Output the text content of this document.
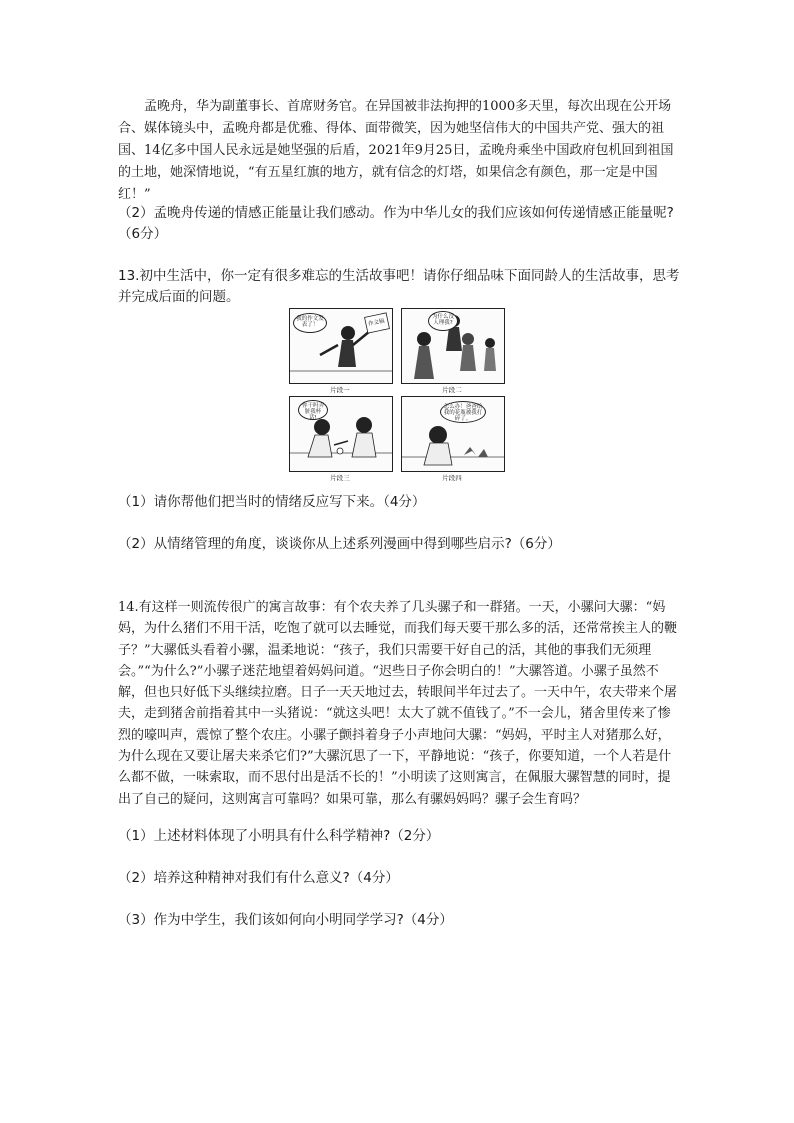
孟晚舟，华为副董事长、首席财务官。在异国被非法拘押的1000多天里，每次出现在公开场合、媒体镜头中，孟晚舟都是优雅、得体、面带微笑，因为她坚信伟大的中国共产党、强大的祖国、14亿多中国人民永远是她坚强的后盾，2021年9月25日，孟晚舟乘坐中国政府包机回到祖国的土地，她深情地说，“有五星红旗的地方，就有信念的灯塔，如果信念有颜色，那一定是中国红！”
（2）孟晚舟传递的情感正能量让我们感动。作为中华儿女的我们应该如何传递情感正能量呢?（6分）
13.初中生活中，你一定有很多难忘的生活故事吧！请你仔细品味下面同龄人的生活故事，思考并完成后面的问题。
我的作文发表了！	作文稿
片段一
为什么没人理我?
片段二
你干吗弄脏我杯话!
片段三
怎么办！爸爸给我的花瓶被我打碎了。
片段四
（1）请你帮他们把当时的情绪反应写下来。（4分）
（2）从情绪管理的角度，谈谈你从上述系列漫画中得到哪些启示?（6分）
14.有这样一则流传很广的寓言故事：有个农夫养了几头骡子和一群猪。一天，小骡问大骡：“妈妈，为什么猪们不用干活，吃饱了就可以去睡觉，而我们每天要干那么多的活，还常常挨主人的鞭子？”大骡低头看着小骡，温柔地说：“孩子，我们只需要干好自己的活，其他的事我们无须理会。”“为什么?”小骡子迷茫地望着妈妈问道。“迟些日子你会明白的！”大骡答道。小骡子虽然不解，但也只好低下头继续拉磨。日子一天天地过去，转眼间半年过去了。一天中午，农夫带来个屠夫，走到猪舍前指着其中一头猪说：“就这头吧！太大了就不值钱了。”不一会儿，猪舍里传来了惨烈的嚎叫声，震惊了整个农庄。小骡子颤抖着身子小声地问大骡：“妈妈，平时主人对猪那么好，为什么现在又要让屠夫来杀它们?”大骡沉思了一下，平静地说：“孩子，你要知道，一个人若是什么都不做，一味索取，而不思付出是活不长的！”小明读了这则寓言，在佩服大骡智慧的同时，提出了自己的疑问，这则寓言可靠吗？如果可靠，那么有骡妈妈吗？骡子会生育吗？
（1）上述材料体现了小明具有什么科学精神?（2分）
（2）培养这种精神对我们有什么意义?（4分）
（3）作为中学生，我们该如何向小明同学学习?（4分）
